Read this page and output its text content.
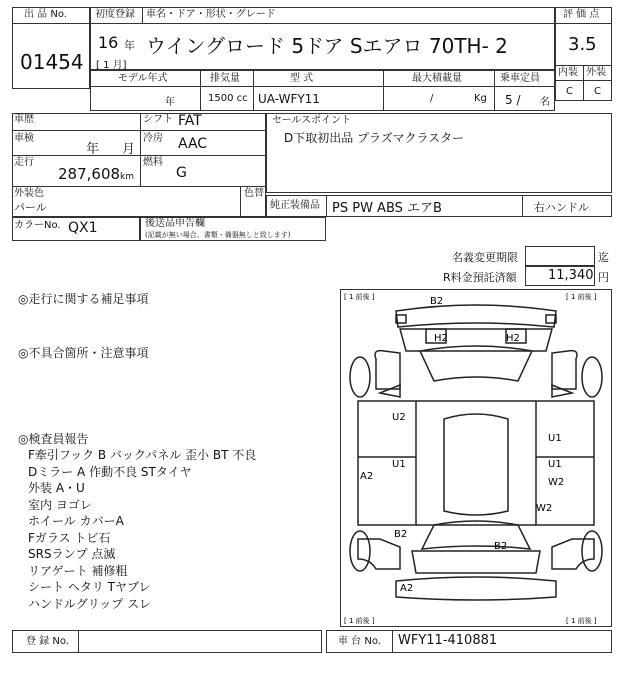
出 品 No.
01454
初度登録 車名・ドア・形状・グレード
16 年
[ 1 月]
ウイングロード 5ドア Sエアロ 70TH- 2
評 価 点
3.5
内装 外装
C C
モデル年式	排気量	型 式	最大積載量	乗車定員
年	1500 cc UA-WFY11	/	Kg 5 / 名
車歴	シフト FAT
車検
年 月
冷房 AAC
走行
287,608 km
燃料
G
外装色
パール
色替
セールスポイント
D下取初出品 プラズマクラスター
純正装備品 PS PW ABS エアB	右ハンドル
カラーNo. QX1	後送品申告欄
(記載が無い場合、書類・備器無しと致します)
名義変更期限	迄
R料金預託済額 11,340 円
◎走行に関する補足事項
◎不具合箇所・注意事項
◎検査員報告
F牽引フック B バックパネル 歪小 BT 不良
Dミラー A 作動不良 STタイヤ
外装 A・U
室内 ヨゴレ
ホイール カバーA
Fガラス トビ石
SRSランプ 点滅
リアゲート 補修粗
シート ヘタリ Tヤブレ
ハンドルグリップ スレ
[ 1 前後 ]	[ 1 前後 ]
[ 1 前後 ]	[ 1 前後 ]
B2
H2	H2
U2
U1
U1
A2
U1
W2
W2
B2
B2
A2
登 録 No.	車 台 No. WFY11-410881
